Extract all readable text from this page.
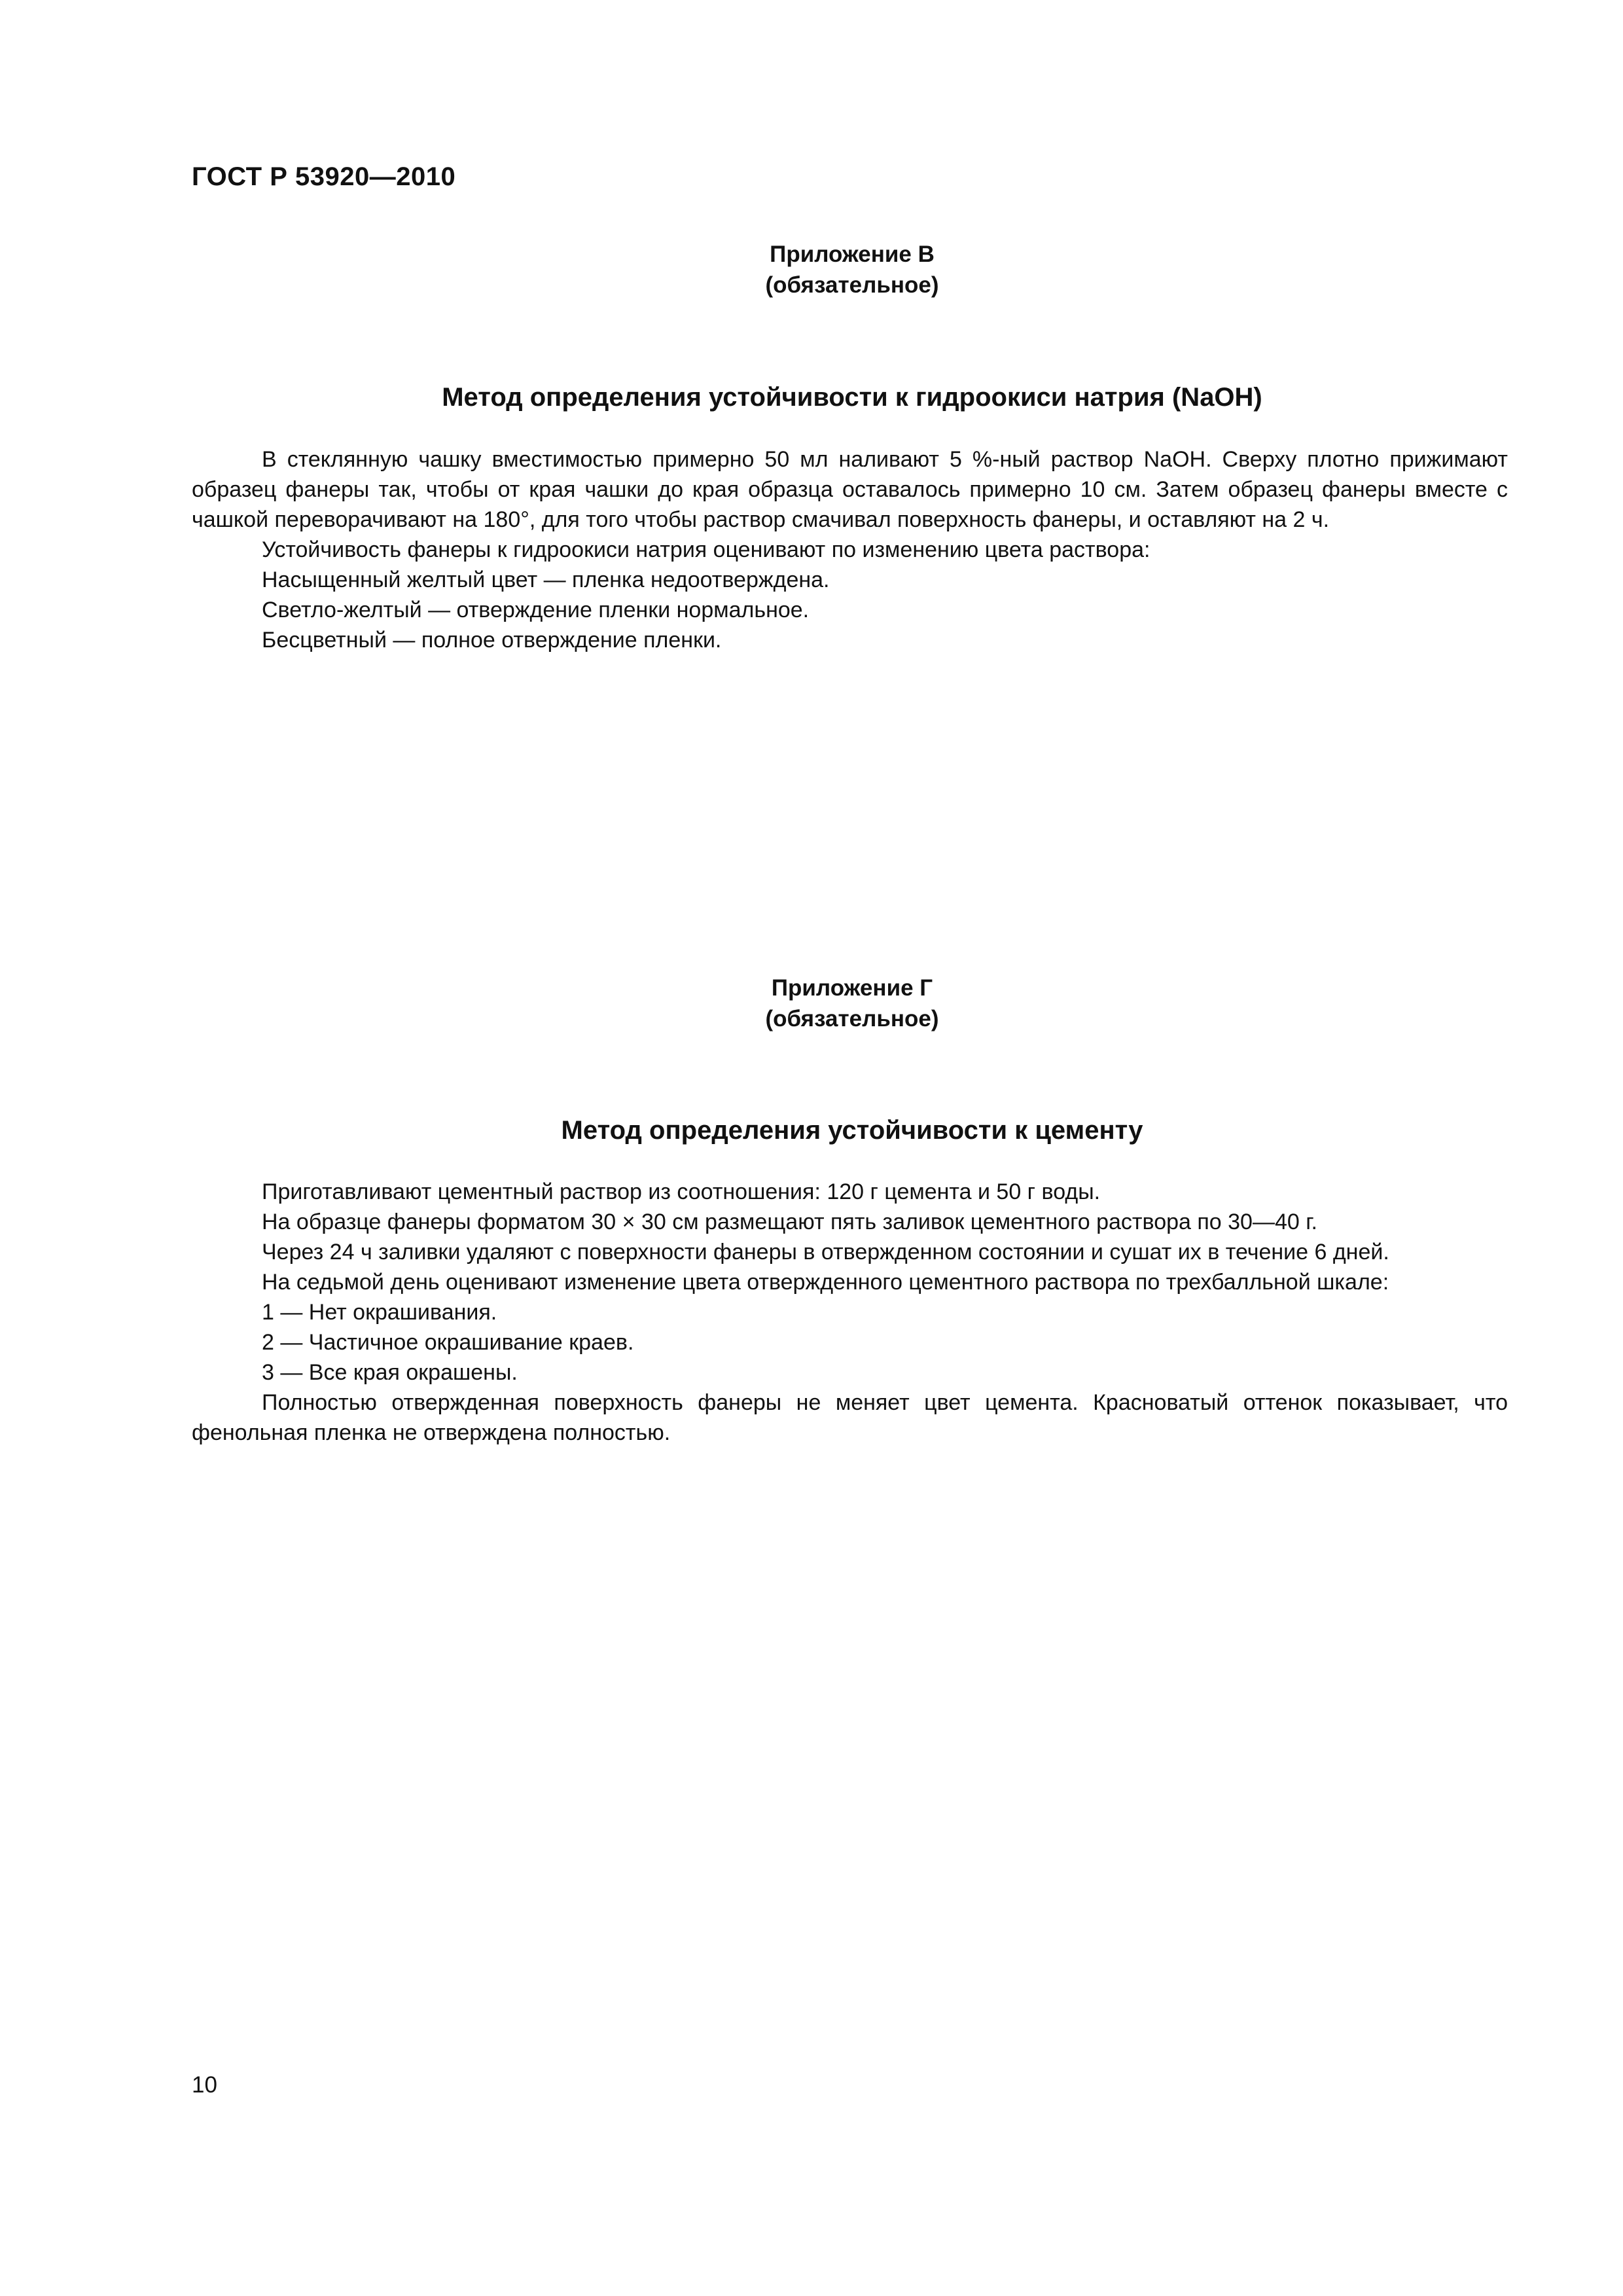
ГОСТ Р 53920—2010
Приложение В
(обязательное)
Метод определения устойчивости к гидроокиси натрия (NaOH)

В стеклянную чашку вместимостью примерно 50 мл наливают 5 %-ный раствор NaOH. Сверху плотно прижимают образец фанеры так, чтобы от края чашки до края образца оставалось примерно 10 см. Затем образец фанеры вместе с чашкой переворачивают на 180°, для того чтобы раствор смачивал поверхность фанеры, и оставляют на 2 ч.

Устойчивость фанеры к гидроокиси натрия оценивают по изменению цвета раствора:

Насыщенный желтый цвет — пленка недоотверждена.

Светло-желтый — отверждение пленки нормальное.

Бесцветный — полное отверждение пленки.

Приложение Г
(обязательное)
Метод определения устойчивости к цементу

Приготавливают цементный раствор из соотношения: 120 г цемента и 50 г воды.

На образце фанеры форматом 30 × 30 см размещают пять заливок цементного раствора по 30—40 г.

Через 24 ч заливки удаляют с поверхности фанеры в отвержденном состоянии и сушат их в течение 6 дней.

На седьмой день оценивают изменение цвета отвержденного цементного раствора по трехбалльной шкале:

1 — Нет окрашивания.

2 — Частичное окрашивание краев.

3 — Все края окрашены.

Полностью отвержденная поверхность фанеры не меняет цвет цемента. Красноватый оттенок показывает, что фенольная пленка не отверждена полностью.

10
